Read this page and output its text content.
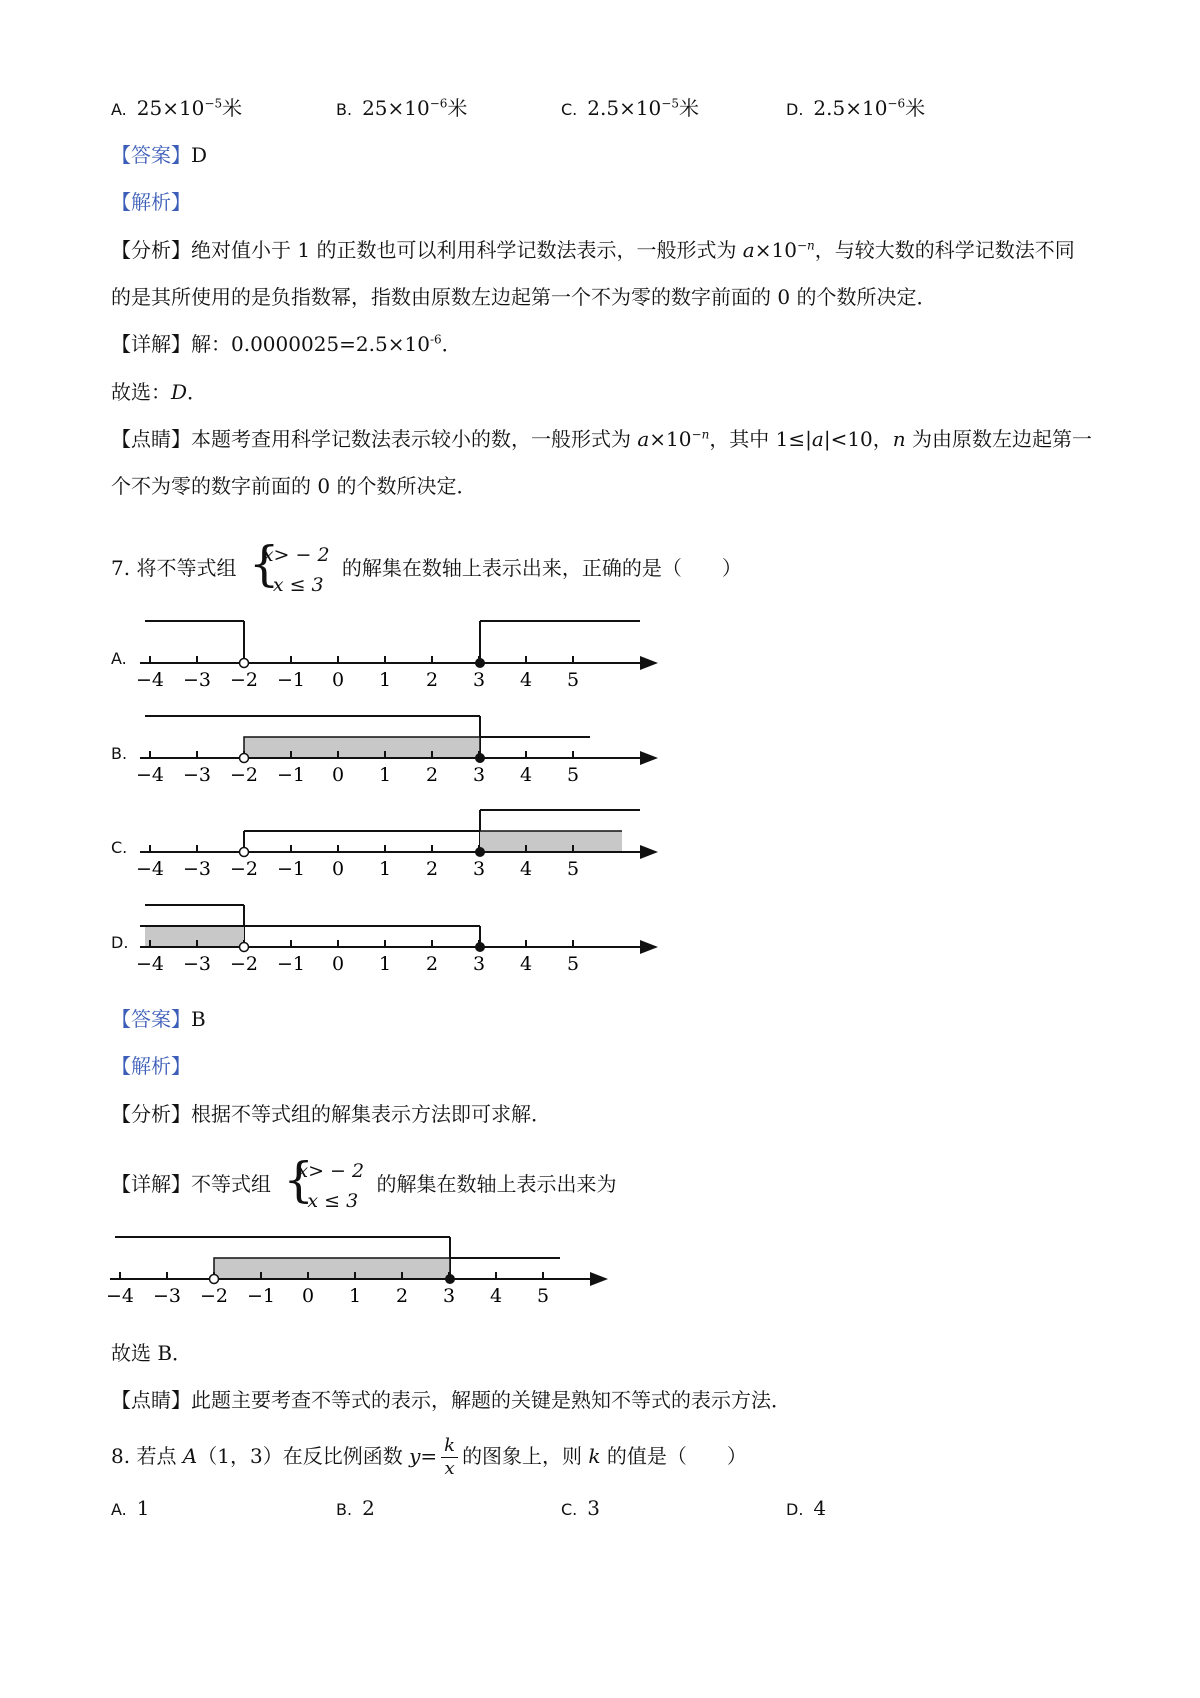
A. $25\times 10^{-5}$米	B. $25\times 10^{-6}$米	C. $2.5\times 10^{-5}$米	D. $2.5\times 10^{-6}$米
【答案】D
【解析】
【分析】绝对值小于 1 的正数也可以利用科学记数法表示，一般形式为 $a\times 10^{-n}$，与较大数的科学记数法不同
的是其所使用的是负指数幂，指数由原数左边起第一个不为零的数字前面的 0 的个数所决定．
【详解】解：$0.0000025=2.5\times 10^{-6}$．
故选：D．
【点睛】本题考查用科学记数法表示较小的数，一般形式为 $a\times 10^{-n}$，其中 1≤|a|<10，n 为由原数左边起第一
个不为零的数字前面的 0 的个数所决定．
7. 将不等式组 {
x> − 2
x ≤ 3
的解集在数轴上表示出来，正确的是（　　）
A.
B.
C.
D.
−4 −3 −2 −1 0 1 2 3 4 5
−4 −3 −2 −1 0 1 2 3 4 5
−4 −3 −2 −1 0 1 2 3 4 5
−4 −3 −2 −1 0 1 2 3 4 5
【答案】B
【解析】
【分析】根据不等式组的解集表示方法即可求解．
【详解】不等式组 {
x> − 2
x ≤ 3
的解集在数轴上表示出来为
−4 −3 −2 −1 0 1 2 3 4 5
故选 B．
【点睛】此题主要考查不等式的表示，解题的关键是熟知不等式的表示方法．
8. 若点 A（1，3）在反比例函数 $y= \frac{k}{x}$ 的图象上，则 k 的值是（　　）
A. 1	B. 2	C. 3	D. 4
